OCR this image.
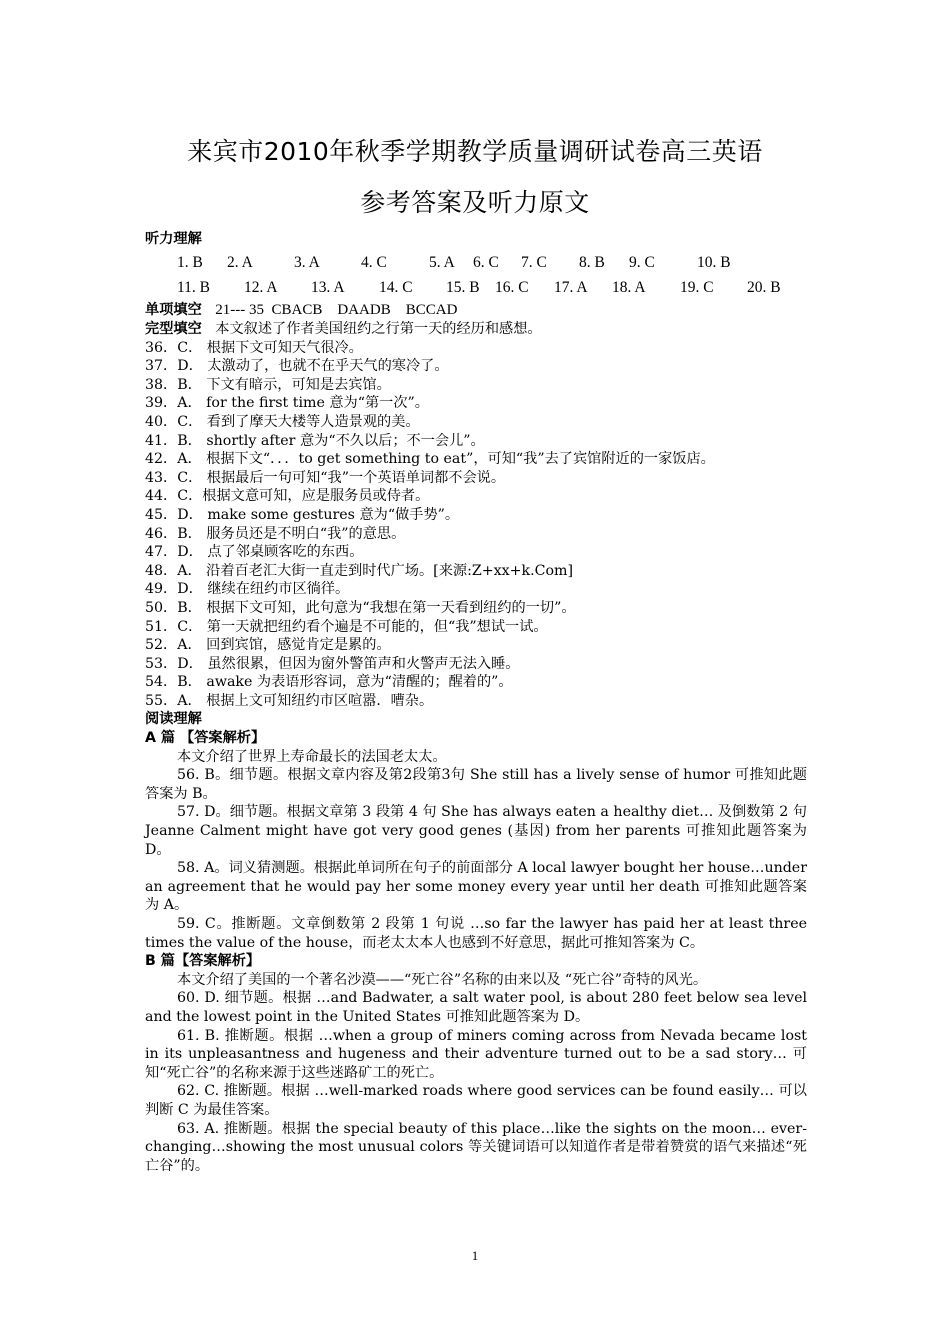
来宾市2010年秋季学期教学质量调研试卷高三英语
参考答案及听力原文
听力理解
1. B 2. A	3. A	4. C	5. A 6. C 7. C 8. B 9. C	10. B
11. B 12. A 13. A 14. C 15. B 16. C 17. A 18. A 19. C 20. B
单项填空 21--- 35  CBACB    DAADB    BCCAD
完型填空 本文叙述了作者美国纽约之行第一天的经历和感想。
36．C． 根据下文可知天气很冷。
37．D． 太激动了，也就不在乎天气的寒冷了。
38．B． 下文有暗示，可知是去宾馆。
39．A． for the first time 意为“第一次”。
40．C． 看到了摩天大楼等人造景观的美。
41．B． shortly after 意为“不久以后；不一会儿”。
42．A． 根据下文“．．．to get something to eat”，可知“我”去了宾馆附近的一家饭店。
43．C． 根据最后一句可知“我”一个英语单词都不会说。
44．C．根据文意可知，应是服务员或侍者。
45．D． make some gestures 意为“做手势”。
46．B． 服务员还是不明白“我”的意思。
47．D． 点了邻桌顾客吃的东西。
48．A． 沿着百老汇大街一直走到时代广场。[来源:Z+xx+k.Com]
49．D． 继续在纽约市区徜徉。
50．B． 根据下文可知，此句意为“我想在第一天看到纽约的一切”。
51．C． 第一天就把纽约看个遍是不可能的，但“我”想试一试。
52．A． 回到宾馆，感觉肯定是累的。
53．D． 虽然很累，但因为窗外警笛声和火警声无法入睡。
54．B． awake 为表语形容词，意为“清醒的；醒着的”。
55．A． 根据上文可知纽约市区喧嚣．嘈杂。
阅读理解
A 篇 【答案解析】
本文介绍了世界上寿命最长的法国老太太。
56. B。细节题。根据文章内容及第2段第3句 She still has a lively sense of humor 可推知此题答案为 B。
57. D。细节题。根据文章第 3 段第 4 句 She has always eaten a healthy diet… 及倒数第 2 句 Jeanne Calment might have got very good genes (基因) from her parents 可推知此题答案为 D。
58. A。词义猜测题。根据此单词所在句子的前面部分 A local lawyer bought her house…under an agreement that he would pay her some money every year until her death 可推知此题答案为 A。
59. C。推断题。文章倒数第 2 段第 1 句说 …so far the lawyer has paid her at least three times the value of the house，而老太太本人也感到不好意思，据此可推知答案为 C。
B 篇【答案解析】
本文介绍了美国的一个著名沙漠——“死亡谷”名称的由来以及 “死亡谷”奇特的风光。
60. D. 细节题。根据 …and Badwater, a salt water pool, is about 280 feet below sea level and the lowest point in the United States 可推知此题答案为 D。
61. B. 推断题。根据 …when a group of miners coming across from Nevada became lost in its unpleasantness and hugeness and their adventure turned out to be a sad story… 可知“死亡谷”的名称来源于这些迷路矿工的死亡。
62. C. 推断题。根据 …well-marked roads where good services can be found easily… 可以判断 C 为最佳答案。
63. A. 推断题。根据 the special beauty of this place…like the sights on the moon… ever-changing…showing the most unusual colors 等关键词语可以知道作者是带着赞赏的语气来描述“死亡谷”的。
1
